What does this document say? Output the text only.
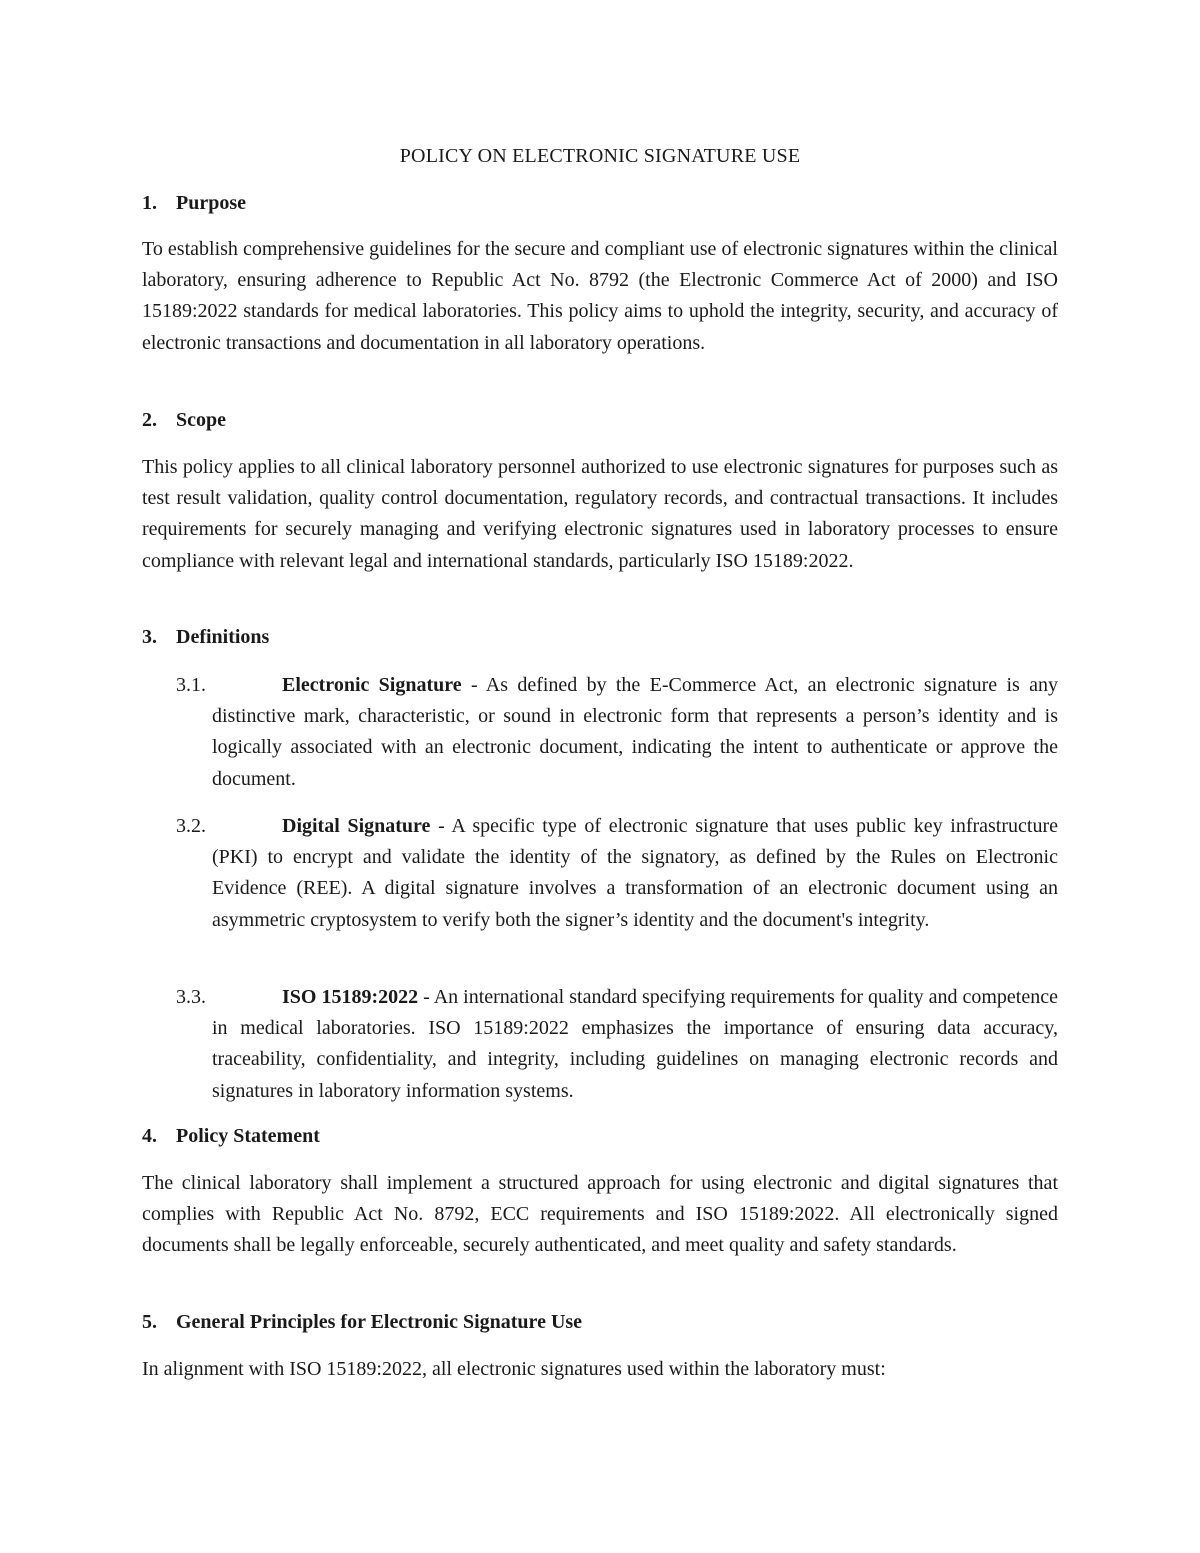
POLICY ON ELECTRONIC SIGNATURE USE
1. Purpose

To establish comprehensive guidelines for the secure and compliant use of electronic signatures within the clinical laboratory, ensuring adherence to Republic Act No. 8792 (the Electronic Commerce Act of 2000) and ISO 15189:2022 standards for medical laboratories. This policy aims to uphold the integrity, security, and accuracy of electronic transactions and documentation in all laboratory operations.

2. Scope

This policy applies to all clinical laboratory personnel authorized to use electronic signatures for purposes such as test result validation, quality control documentation, regulatory records, and contractual transactions. It includes requirements for securely managing and verifying electronic signatures used in laboratory processes to ensure compliance with relevant legal and international standards, particularly ISO 15189:2022.

3. Definitions
3.1.	Electronic Signature - As defined by the E-Commerce Act, an electronic signature is any distinctive mark, characteristic, or sound in electronic form that represents a person’s identity and is logically associated with an electronic document, indicating the intent to authenticate or approve the document.
3.2.	Digital Signature - A specific type of electronic signature that uses public key infrastructure (PKI) to encrypt and validate the identity of the signatory, as defined by the Rules on Electronic Evidence (REE). A digital signature involves a transformation of an electronic document using an asymmetric cryptosystem to verify both the signer’s identity and the document's integrity.
3.3.	ISO 15189:2022 - An international standard specifying requirements for quality and competence in medical laboratories. ISO 15189:2022 emphasizes the importance of ensuring data accuracy, traceability, confidentiality, and integrity, including guidelines on managing electronic records and signatures in laboratory information systems.
4. Policy Statement

The clinical laboratory shall implement a structured approach for using electronic and digital signatures that complies with Republic Act No. 8792, ECC requirements and ISO 15189:2022. All electronically signed documents shall be legally enforceable, securely authenticated, and meet quality and safety standards.

5. General Principles for Electronic Signature Use

In alignment with ISO 15189:2022, all electronic signatures used within the laboratory must:
